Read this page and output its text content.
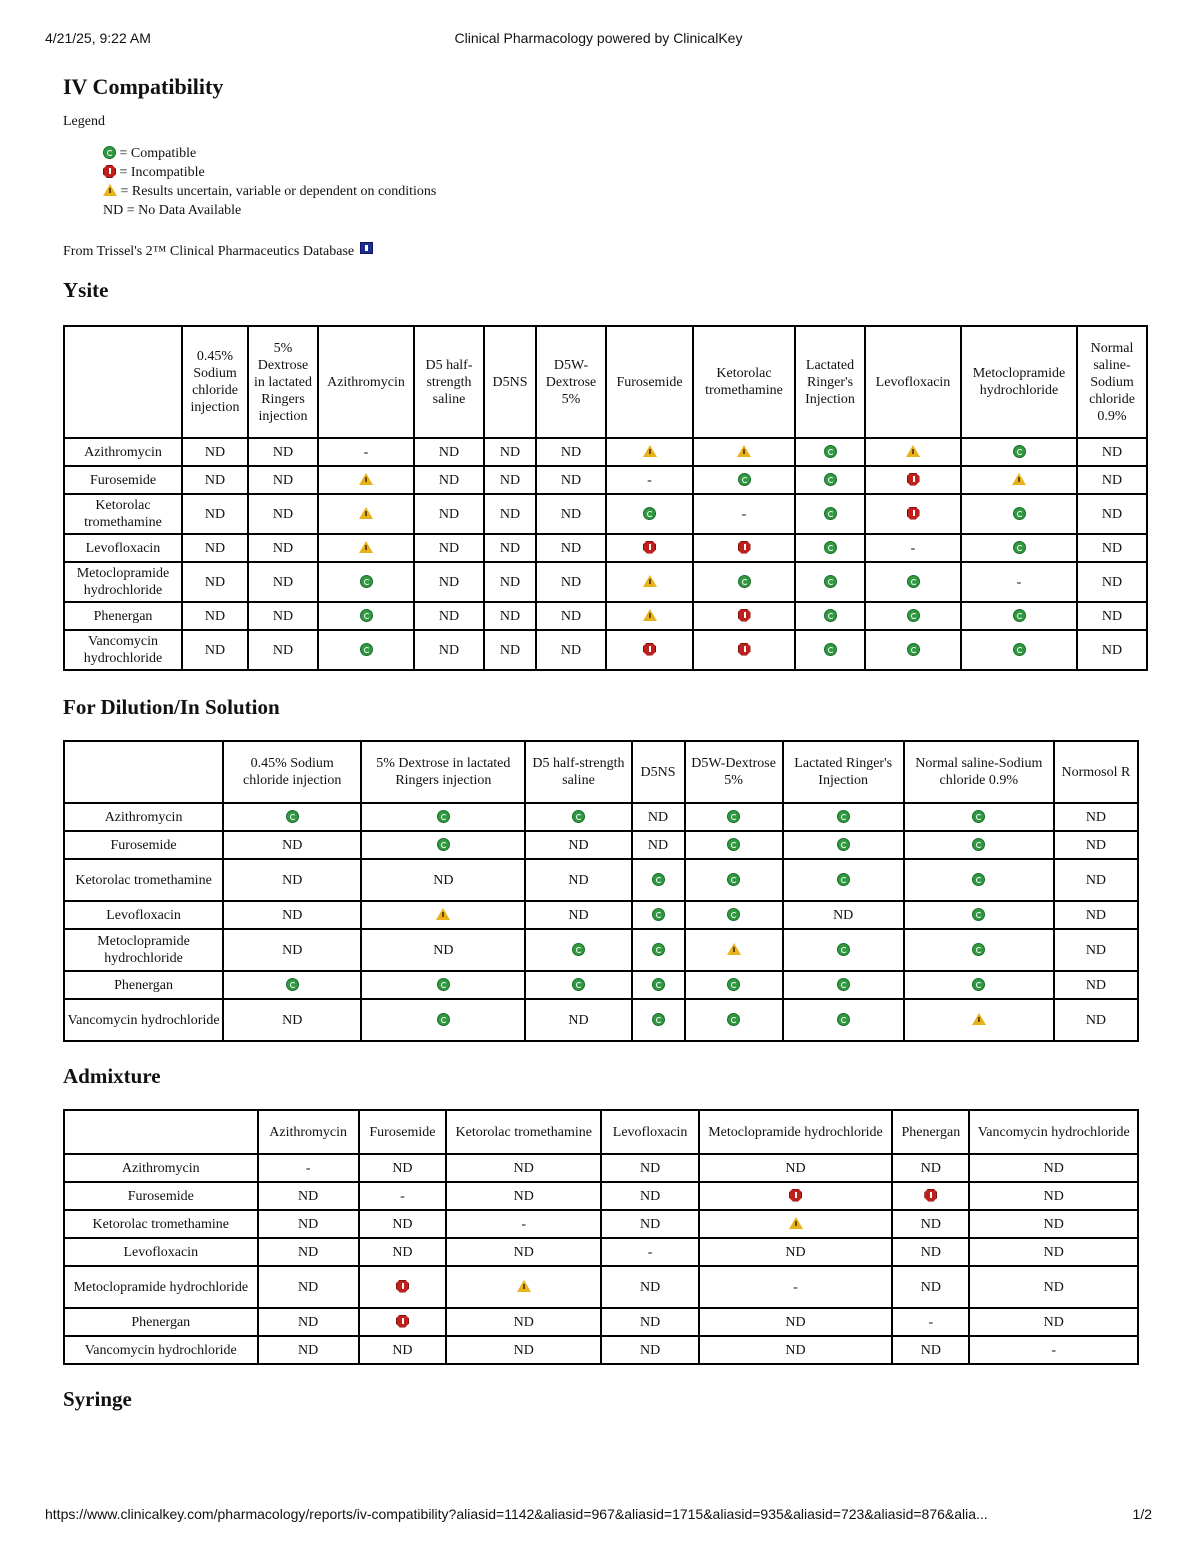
4/21/25, 9:22 AM	Clinical Pharmacology powered by ClinicalKey
IV Compatibility

Legend

= Compatible
= Incompatible
= Results uncertain, variable or dependent on conditions
ND = No Data Available

From Trissel's 2™ Clinical Pharmaceutics Database

Ysite
	0.45% Sodium chloride injection	5% Dextrose in lactated Ringers injection	Azithromycin	D5 half-strength saline	D5NS	D5W-Dextrose 5%	Furosemide	Ketorolac tromethamine	Lactated Ringer's Injection	Levofloxacin	Metoclopramide hydrochloride	Normal saline-Sodium chloride 0.9%
Azithromycin	ND	ND	-	ND	ND	ND						ND
Furosemide	ND	ND		ND	ND	ND	-					ND
Ketorolac tromethamine	ND	ND		ND	ND	ND		-				ND
Levofloxacin	ND	ND		ND	ND	ND				-		ND
Metoclopramide hydrochloride	ND	ND		ND	ND	ND					-	ND
Phenergan	ND	ND		ND	ND	ND						ND
Vancomycin hydrochloride	ND	ND		ND	ND	ND						ND
For Dilution/In Solution
	0.45% Sodium chloride injection	5% Dextrose in lactated Ringers injection	D5 half-strength saline	D5NS	D5W-Dextrose 5%	Lactated Ringer's Injection	Normal saline-Sodium chloride 0.9%	Normosol R
Azithromycin				ND				ND
Furosemide	ND		ND	ND				ND
Ketorolac tromethamine	ND	ND	ND					ND
Levofloxacin	ND		ND			ND		ND
Metoclopramide hydrochloride	ND	ND						ND
Phenergan								ND
Vancomycin hydrochloride	ND		ND					ND
Admixture
	Azithromycin	Furosemide	Ketorolac tromethamine	Levofloxacin	Metoclopramide hydrochloride	Phenergan	Vancomycin hydrochloride
Azithromycin	-	ND	ND	ND	ND	ND	ND
Furosemide	ND	-	ND	ND			ND
Ketorolac tromethamine	ND	ND	-	ND		ND	ND
Levofloxacin	ND	ND	ND	-	ND	ND	ND
Metoclopramide hydrochloride	ND			ND	-	ND	ND
Phenergan	ND		ND	ND	ND	-	ND
Vancomycin hydrochloride	ND	ND	ND	ND	ND	ND	-
Syringe
https://www.clinicalkey.com/pharmacology/reports/iv-compatibility?aliasid=1142&aliasid=967&aliasid=1715&aliasid=935&aliasid=723&aliasid=876&alia...	1/2
